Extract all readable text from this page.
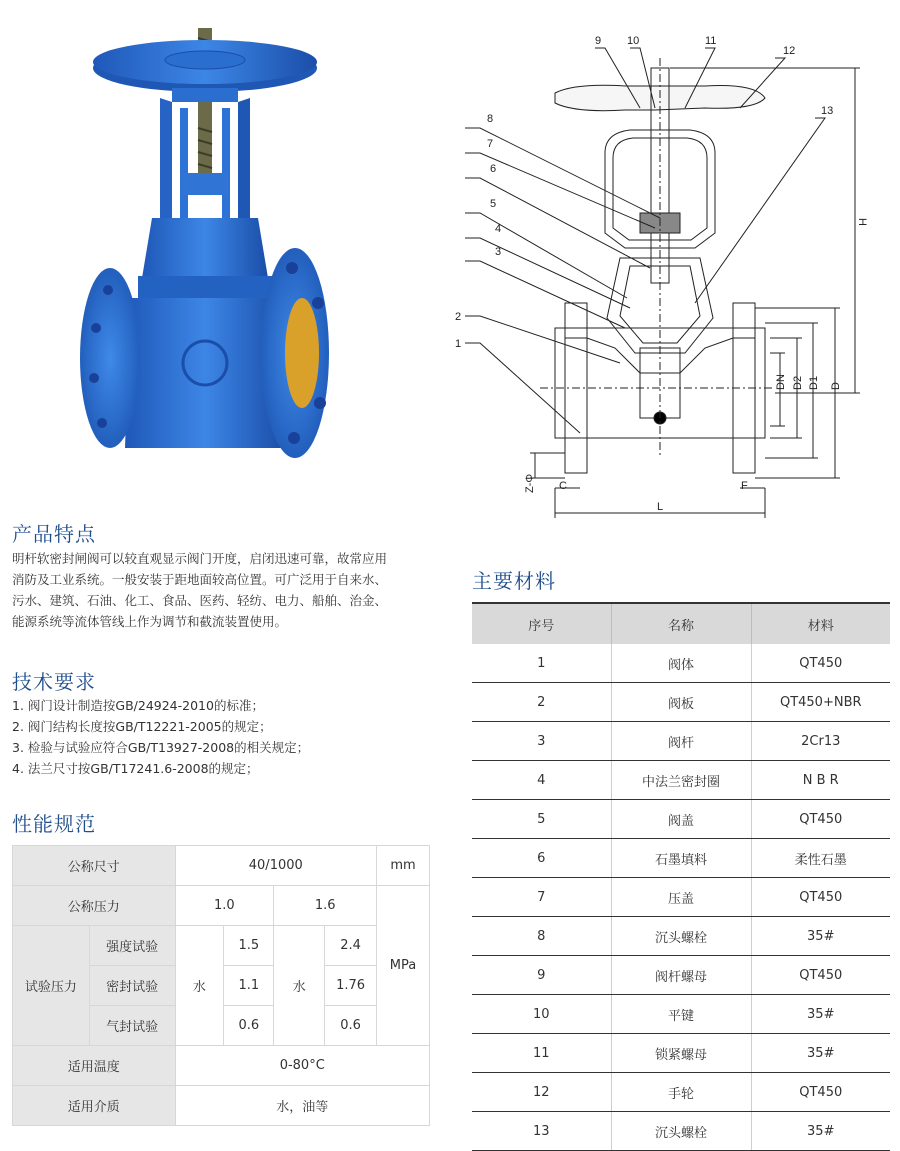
1
2
3
4
5
6
7
8
9 10	11
12
13
H
DN D2 D1 D
C	F
L
Z-Φ
产品特点
明杆软密封闸阀可以较直观显示阀门开度，启闭迅速可靠，故常应用
消防及工业系统。一般安装于距地面较高位置。可广泛用于自来水、
污水、建筑、石油、化工、食品、医药、轻纺、电力、船舶、治金、
能源系统等流体管线上作为调节和截流装置使用。
技术要求
1. 阀门设计制造按GB/24924-2010的标准；
2. 阀门结构长度按GB/T12221-2005的规定；
3. 检验与试验应符合GB/T13927-2008的相关规定；
4. 法兰尺寸按GB/T17241.6-2008的规定；
性能规范
公称尺寸		40/1000				mm
公称压力		1.0		1.6		MPa
试验压力	强度试验	水	1.5	水	2.4	
	密封试验		1.1		1.76	
	气封试验		0.6		0.6	
适用温度		0-80°C				
适用介质		水，油等				
主要材料
序号	名称	材料
1	阀体	QT450
2	阀板	QT450+NBR
3	阀杆	2Cr13
4	中法兰密封圈	N B R
5	阀盖	QT450
6	石墨填料	柔性石墨
7	压盖	QT450
8	沉头螺栓	35#
9	阀杆螺母	QT450
10	平键	35#
11	锁紧螺母	35#
12	手轮	QT450
13	沉头螺栓	35#
